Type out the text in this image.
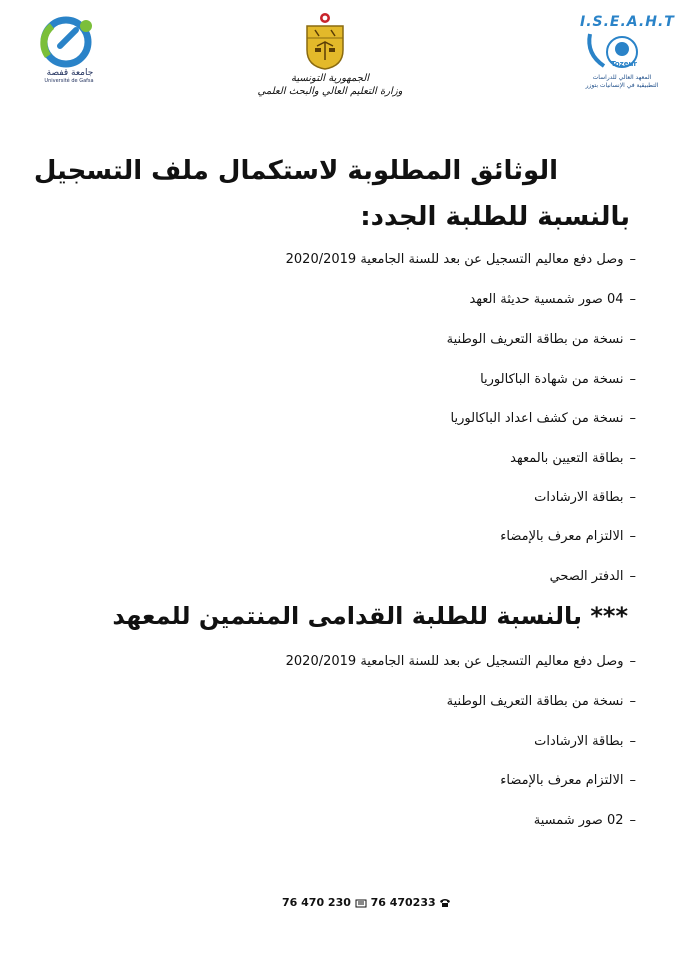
جامعة قفصة
Université de Gafsa	الجمهورية التونسية
وزارة التعليم العالي والبحث العلمي
I.S.E.A.H.T
Tozeur
المعهد العالي للدراسات
التطبيقية في الإنسانيات بتوزر
الوثائق المطلوبة لاستكمال ملف التسجيل
بالنسبة للطلبة الجدد:
–وصل دفع معاليم التسجيل عن بعد للسنة الجامعية 2020/2019
–04 صور شمسية حديثة العهد
–نسخة من بطاقة التعريف الوطنية
–نسخة من شهادة الباكالوريا
–نسخة من كشف اعداد الباكالوريا
–بطاقة التعيين بالمعهد
–بطاقة الارشادات
–الالتزام معرف بالإمضاء
–الدفتر الصحي
*** بالنسبة للطلبة القدامى المنتمين للمعهد
–وصل دفع معاليم التسجيل عن بعد للسنة الجامعية 2020/2019
–نسخة من بطاقة التعريف الوطنية
–بطاقة الارشادات
–الالتزام معرف بالإمضاء
–02 صور شمسية
76 470 230 76 470233
